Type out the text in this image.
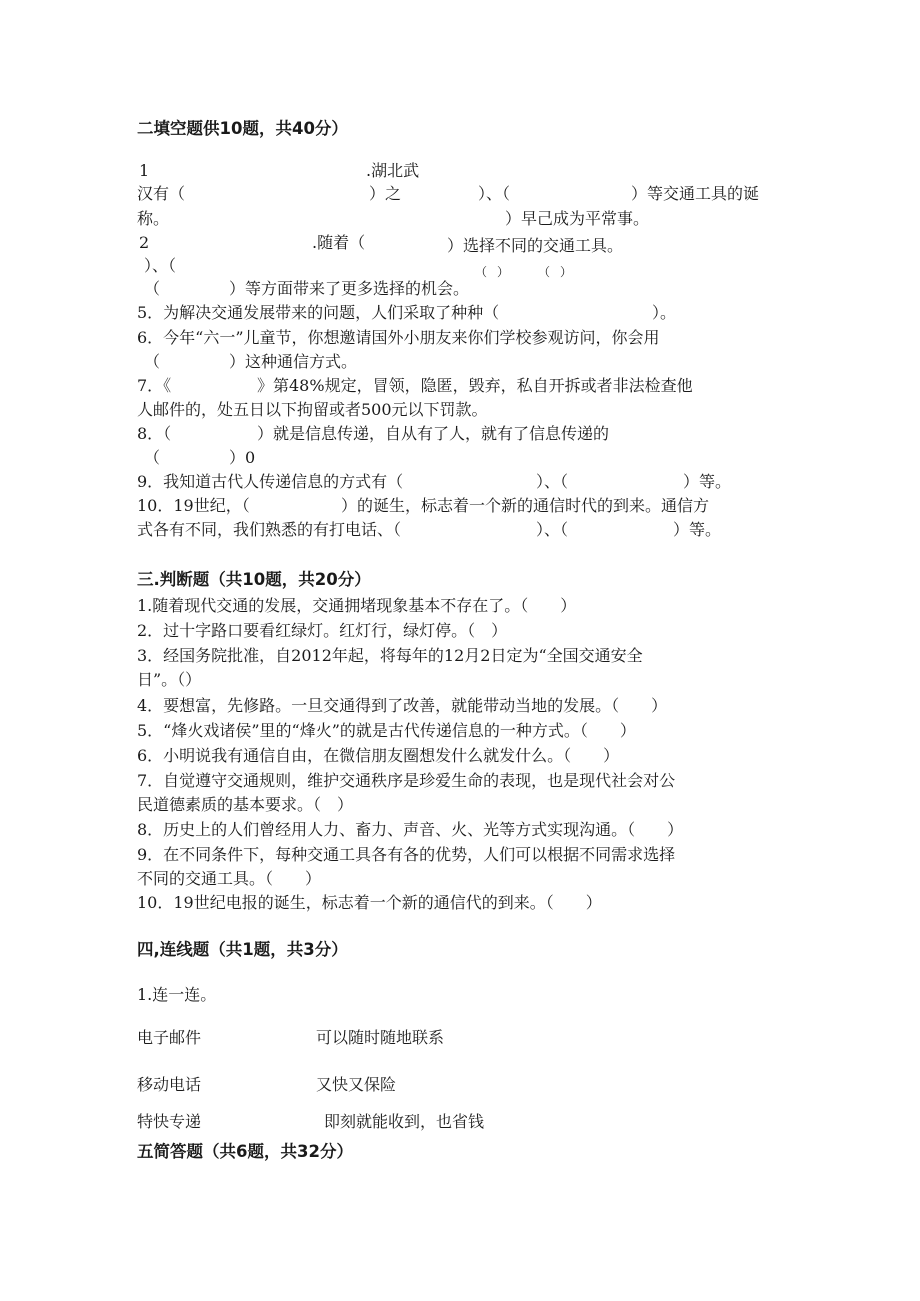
二填空题供10题，共40分）
1	.湖北武
汉有（	）之	）、（	）等交通工具的诞
称。	）早己成为平常事。
2	.随着（	）选择不同的交通工具。
）、（	（） （）
（	）等方面带来了更多选择的机会。
5．为解决交通发展带来的问题，人们采取了种种（	）。
6．今年“六一”儿童节，你想邀请国外小朋友来你们学校参观访问，你会用
（	）这种通信方式。
7．《	》第48%规定，冒领，隐匿，毁弃，私自开拆或者非法检查他
人邮件的，处五日以下拘留或者500元以下罚款。
8．（	）就是信息传递，自从有了人，就有了信息传递的
（	）0
9．我知道古代人传递信息的方式有（	）、（	）等。
10．19世纪，（	）的诞生，标志着一个新的通信时代的到来。通信方
式各有不同，我们熟悉的有打电话、（	）、（	）等。
三.判断题（共10题，共20分）
1.随着现代交通的发展，交通拥堵现象基本不存在了。（　　）
2．过十字路口要看红绿灯。红灯行，绿灯停。（　）
3．经国务院批准，自2012年起，将每年的12月2日定为“全国交通安全
日”。（）
4．要想富，先修路。一旦交通得到了改善，就能带动当地的发展。（　　）
5．“烽火戏诸侯”里的“烽火”的就是古代传递信息的一种方式。（　　）
6．小明说我有通信自由，在微信朋友圈想发什么就发什么。（　　）
7．自觉遵守交通规则，维护交通秩序是珍爱生命的表现，也是现代社会对公
民道德素质的基本要求。（　）
8．历史上的人们曾经用人力、畜力、声音、火、光等方式实现沟通。（　　）
9．在不同条件下，每种交通工具各有各的优势，人们可以根据不同需求选择
不同的交通工具。（　　）
10．19世纪电报的诞生，标志着一个新的通信代的到来。（　　）
四,连线题（共1题，共3分）
1.连一连。
电子邮件	可以随时随地联系
移动电话	又快又保险
特快专递	即刻就能收到，也省钱
五简答题（共6题，共32分）
